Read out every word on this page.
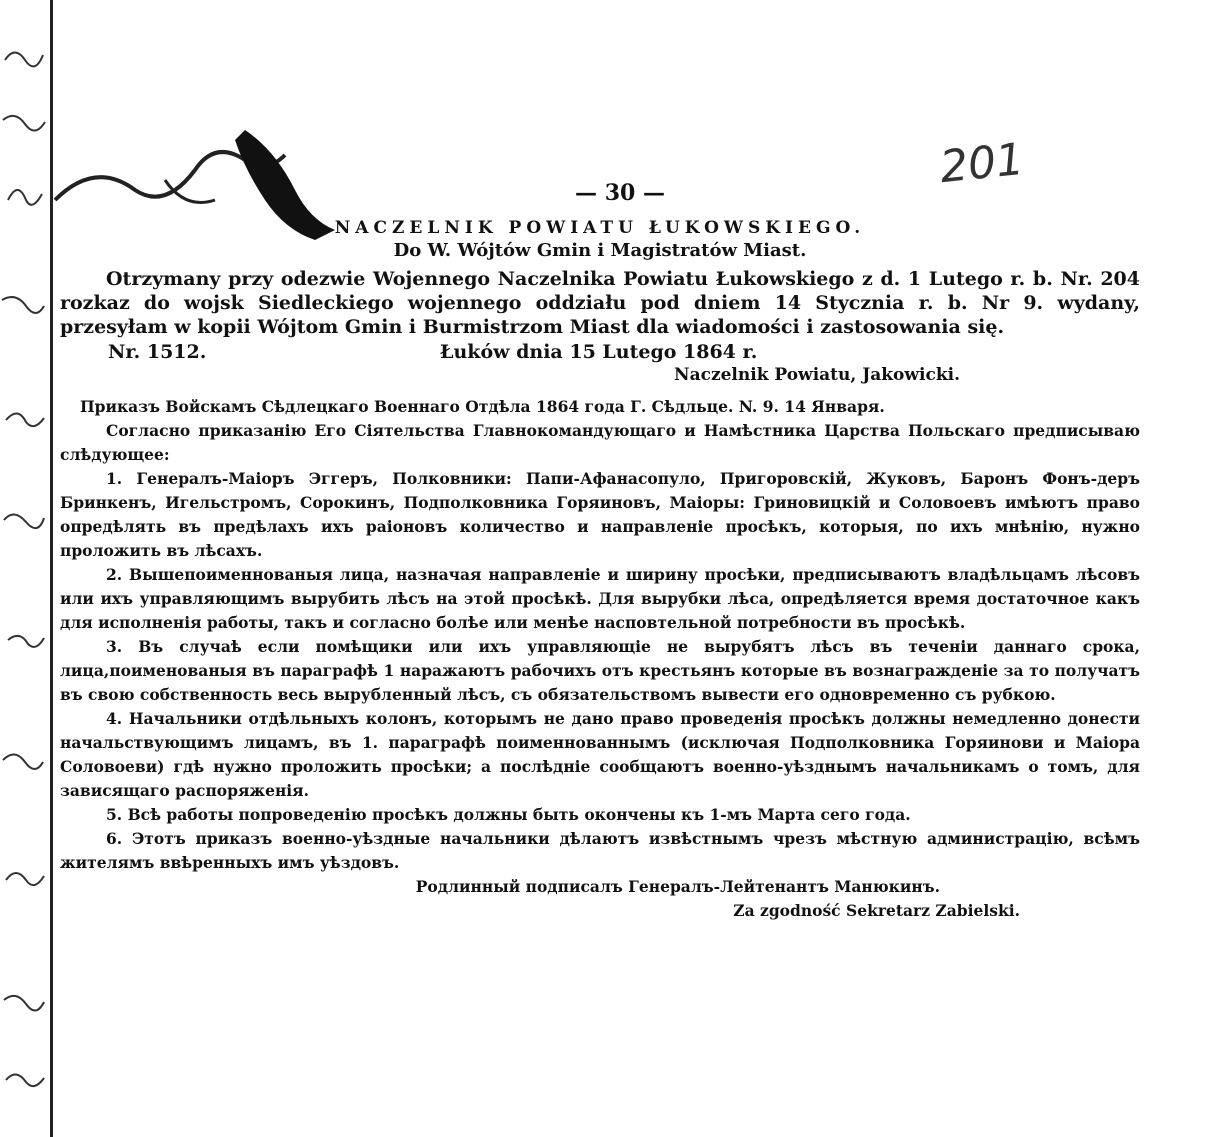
201
— 30 —
NACZELNIK POWIATU ŁUKOWSKIEGO.
Do W. Wójtów Gmin i Magistratów Miast.
Otrzymany przy odezwie Wojennego Naczelnika Powiatu Łukowskiego z d. 1 Lutego r. b. Nr. 204 rozkaz do wojsk Siedleckiego wojennego oddziału pod dniem 14 Stycznia r. b. Nr 9. wydany, przesyłam w kopii Wójtom Gmin i Burmistrzom Miast dla wiadomości i zastosowania się.
Nr. 1512.	Łuków dnia 15 Lutego 1864 r.
Naczelnik Powiatu, Jakowicki.

Приказъ Войскамъ Сѣдлецкаго Военнаго Отдѣла 1864 года Г. Сѣдльце. N. 9. 14 Января.

Согласно приказанію Его Сіятельства Главнокомандующаго и Намѣстника Царства Польскаго предписываю слѣдующее:

1. Генералъ-Маіоръ Эггеръ, Полковники: Папи-Афанасопуло, Пригоровскій, Жуковъ, Баронъ Фонъ-деръ Бринкенъ, Игельстромъ, Сорокинъ, Подполковника Горяиновъ, Маіоры: Гриновицкій и Соловоевъ имѣютъ право опредѣлять въ предѣлахъ ихъ раіоновъ количество и направленіе просѣкъ, которыя, по ихъ мнѣнію, нужно проложить въ лѣсахъ.

2. Вышепоименнованыя лица, назначая направленіе и ширину просѣки, предписываютъ владѣльцамъ лѣсовъ или ихъ управляющимъ вырубить лѣсъ на этой просѣкѣ. Для вырубки лѣса, опредѣляется время достаточное какъ для исполненія работы, такъ и согласно болѣе или менѣе насповтельной потребности въ просѣкѣ.

3. Въ случаѣ если помѣщики или ихъ управляющіе не вырубятъ лѣсъ въ теченіи даннаго срока, лица,поименованыя въ параграфѣ 1 наражаютъ рабочихъ отъ крестьянъ которые въ вознагражденіе за то получатъ въ свою собственность весь вырубленный лѣсъ, съ обязательствомъ вывести его одновременно съ рубкою.

4. Начальники отдѣльныхъ колонъ, которымъ не дано право проведенія просѣкъ должны немедленно донести начальствующимъ лицамъ, въ 1. параграфѣ поименнованнымъ (исключая Подполковника Горяинови и Маіора Соловоеви) гдѣ нужно проложить просѣки; а послѣдніе сообщаютъ военно-уѣзднымъ начальникамъ о томъ, для зависящаго распоряженія.

5. Всѣ работы попроведенію просѣкъ должны быть окончены къ 1-мъ Марта сего года.

6. Этотъ приказъ военно-уѣздные начальники дѣлаютъ извѣстнымъ чрезъ мѣстную администрацію, всѣмъ жителямъ ввѣренныхъ имъ уѣздовъ.

Родлинный подписалъ Генералъ-Лейтенантъ Манюкинъ.

Za zgodność Sekretarz Zabielski.
